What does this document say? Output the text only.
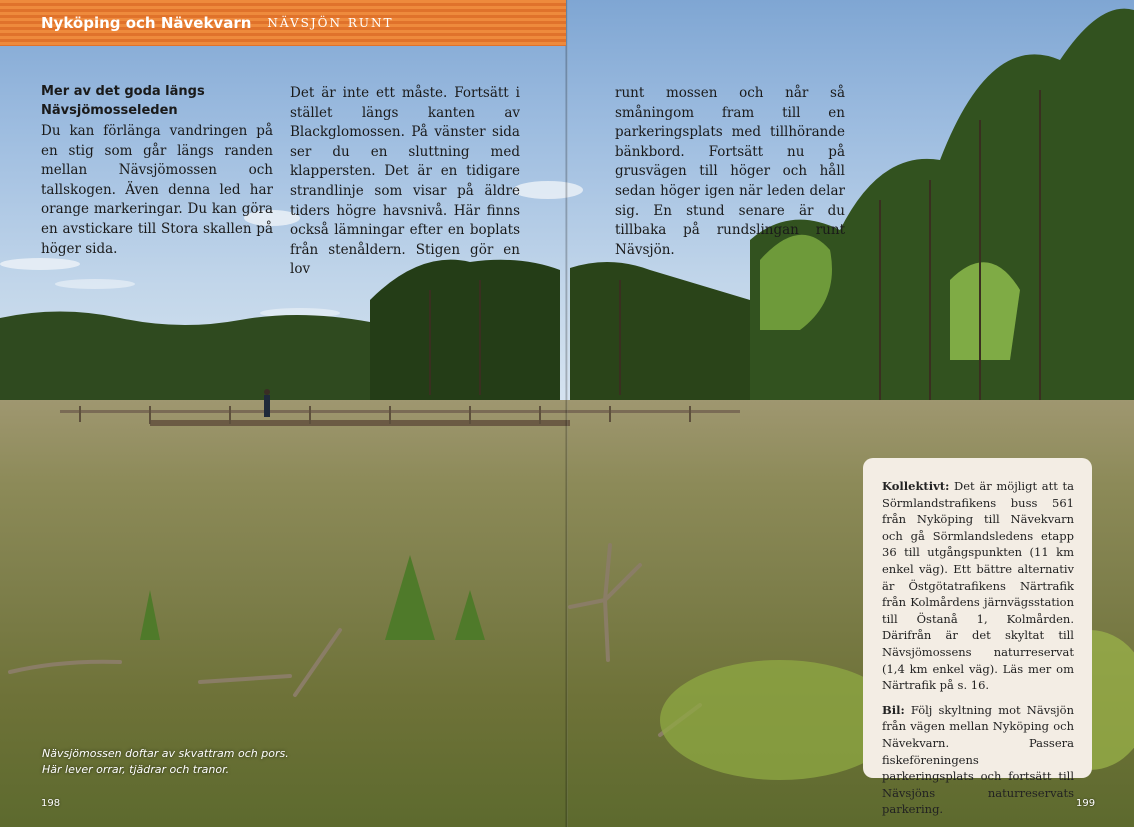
Nyköping och Nävekvarn NÄVSJÖN RUNT
Mer av det goda längs
Nävsjömosseleden

Du kan förlänga vandringen på en stig som går längs randen mellan Nävsjömossen och tallskogen. Även denna led har orange markeringar. Du kan göra en avstickare till Stora skallen på höger sida.

Det är inte ett måste. Fortsätt i stället längs kanten av Blackglomossen. På vänster sida ser du en sluttning med klappersten. Det är en tidigare strandlinje som visar på äldre tiders högre havsnivå. Här finns också lämningar efter en boplats från stenåldern. Stigen gör en lov

runt mossen och når så småningom fram till en parkeringsplats med tillhörande bänkbord. Fortsätt nu på grusvägen till höger och håll sedan höger igen när leden delar sig. En stund senare är du tillbaka på rundslingan runt Nävsjön.

Nävsjömossen doftar av skvattram och pors.
Här lever orrar, tjädrar och tranor.

Kollektivt: Det är möjligt att ta Sörmlandstrafikens buss 561 från Nyköping till Nävekvarn och gå Sörmlandsledens etapp 36 till utgångspunkten (11 km enkel väg). Ett bättre alternativ är Östgötatrafikens Närtrafik från Kolmårdens järnvägsstation till Östanå 1, Kolmården. Därifrån är det skyltat till Nävsjömossens naturreservat (1,4 km enkel väg). Läs mer om Närtrafik på s. 16.

Bil: Följ skyltning mot Nävsjön från vägen mellan Nyköping och Nävekvarn. Passera fiskeföreningens parkeringsplats och fortsätt till Nävsjöns naturreservats parkering.

198	199
